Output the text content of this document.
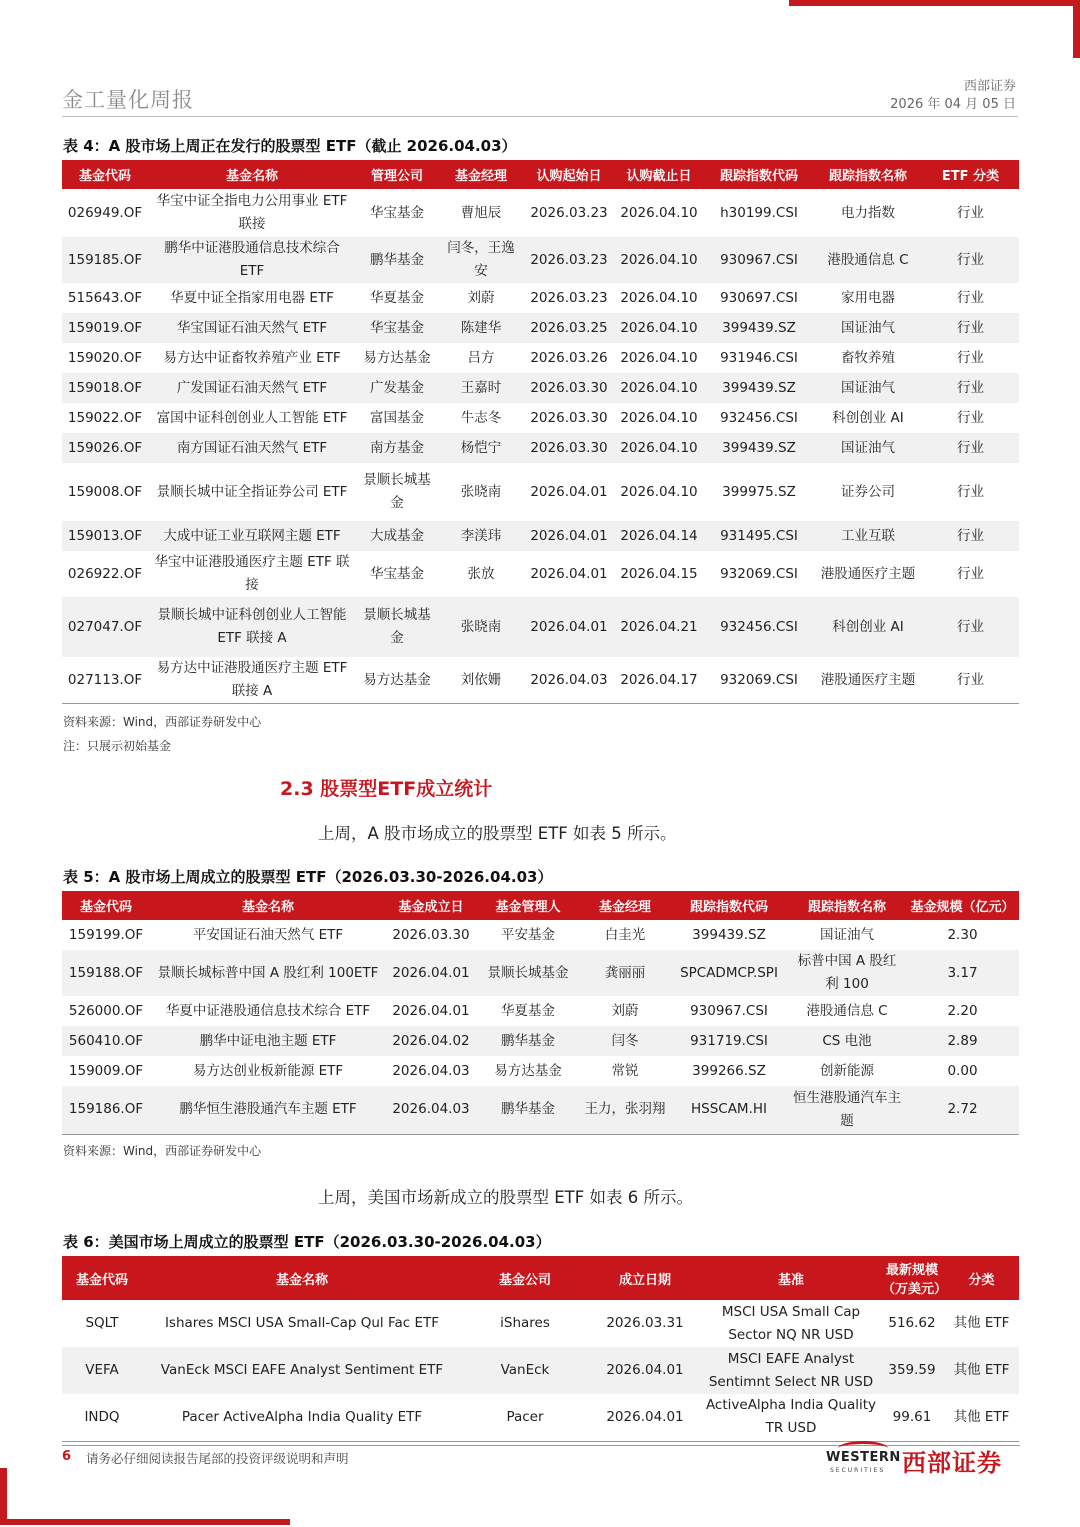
金工量化周报
西部证券
2026 年 04 月 05 日
表 4：A 股市场上周正在发行的股票型 ETF（截止 2026.04.03）
基金代码	基金名称	管理公司	基金经理	认购起始日	认购截止日	跟踪指数代码	跟踪指数名称	ETF 分类
026949.OF	华宝中证全指电力公用事业 ETF 联接	华宝基金	曹旭辰	2026.03.23	2026.04.10	h30199.CSI	电力指数	行业
159185.OF	鹏华中证港股通信息技术综合 ETF	鹏华基金	闫冬，王逸安	2026.03.23	2026.04.10	930967.CSI	港股通信息 C	行业
515643.OF	华夏中证全指家用电器 ETF	华夏基金	刘蔚	2026.03.23	2026.04.10	930697.CSI	家用电器	行业
159019.OF	华宝国证石油天然气 ETF	华宝基金	陈建华	2026.03.25	2026.04.10	399439.SZ	国证油气	行业
159020.OF	易方达中证畜牧养殖产业 ETF	易方达基金	吕方	2026.03.26	2026.04.10	931946.CSI	畜牧养殖	行业
159018.OF	广发国证石油天然气 ETF	广发基金	王嘉时	2026.03.30	2026.04.10	399439.SZ	国证油气	行业
159022.OF	富国中证科创创业人工智能 ETF	富国基金	牛志冬	2026.03.30	2026.04.10	932456.CSI	科创创业 AI	行业
159026.OF	南方国证石油天然气 ETF	南方基金	杨恺宁	2026.03.30	2026.04.10	399439.SZ	国证油气	行业
159008.OF	景顺长城中证全指证券公司 ETF	景顺长城基金	张晓南	2026.04.01	2026.04.10	399975.SZ	证券公司	行业
159013.OF	大成中证工业互联网主题 ETF	大成基金	李渼玮	2026.04.01	2026.04.14	931495.CSI	工业互联	行业
026922.OF	华宝中证港股通医疗主题 ETF 联接	华宝基金	张放	2026.04.01	2026.04.15	932069.CSI	港股通医疗主题	行业
027047.OF	景顺长城中证科创创业人工智能 ETF 联接 A	景顺长城基金	张晓南	2026.04.01	2026.04.21	932456.CSI	科创创业 AI	行业
027113.OF	易方达中证港股通医疗主题 ETF 联接 A	易方达基金	刘依姗	2026.04.03	2026.04.17	932069.CSI	港股通医疗主题	行业
资料来源：Wind，西部证券研发中心
注：只展示初始基金
2.3 股票型ETF成立统计
上周，A 股市场成立的股票型 ETF 如表 5 所示。
表 5：A 股市场上周成立的股票型 ETF（2026.03.30-2026.04.03）
基金代码	基金名称	基金成立日	基金管理人	基金经理	跟踪指数代码	跟踪指数名称	基金规模（亿元）
159199.OF	平安国证石油天然气 ETF	2026.03.30	平安基金	白圭光	399439.SZ	国证油气	2.30
159188.OF	景顺长城标普中国 A 股红利 100ETF	2026.04.01	景顺长城基金	龚丽丽	SPCADMCP.SPI	标普中国 A 股红利 100	3.17
526000.OF	华夏中证港股通信息技术综合 ETF	2026.04.01	华夏基金	刘蔚	930967.CSI	港股通信息 C	2.20
560410.OF	鹏华中证电池主题 ETF	2026.04.02	鹏华基金	闫冬	931719.CSI	CS 电池	2.89
159009.OF	易方达创业板新能源 ETF	2026.04.03	易方达基金	常锐	399266.SZ	创新能源	0.00
159186.OF	鹏华恒生港股通汽车主题 ETF	2026.04.03	鹏华基金	王力，张羽翔	HSSCAM.HI	恒生港股通汽车主题	2.72
资料来源：Wind，西部证券研发中心
上周，美国市场新成立的股票型 ETF 如表 6 所示。
表 6：美国市场上周成立的股票型 ETF（2026.03.30-2026.04.03）
基金代码	基金名称	基金公司	成立日期	基准	最新规模（万美元）	分类
SQLT	Ishares MSCI USA Small-Cap Qul Fac ETF	iShares	2026.03.31	MSCI USA Small Cap Sector NQ NR USD	516.62	其他 ETF
VEFA	VanEck MSCI EAFE Analyst Sentiment ETF	VanEck	2026.04.01	MSCI EAFE Analyst Sentimnt Select NR USD	359.59	其他 ETF
INDQ	Pacer ActiveAlpha India Quality ETF	Pacer	2026.04.01	ActiveAlpha India Quality TR USD	99.61	其他 ETF
6 请务必仔细阅读报告尾部的投资评级说明和声明	WESTERN
SECURITIES 西部证券
